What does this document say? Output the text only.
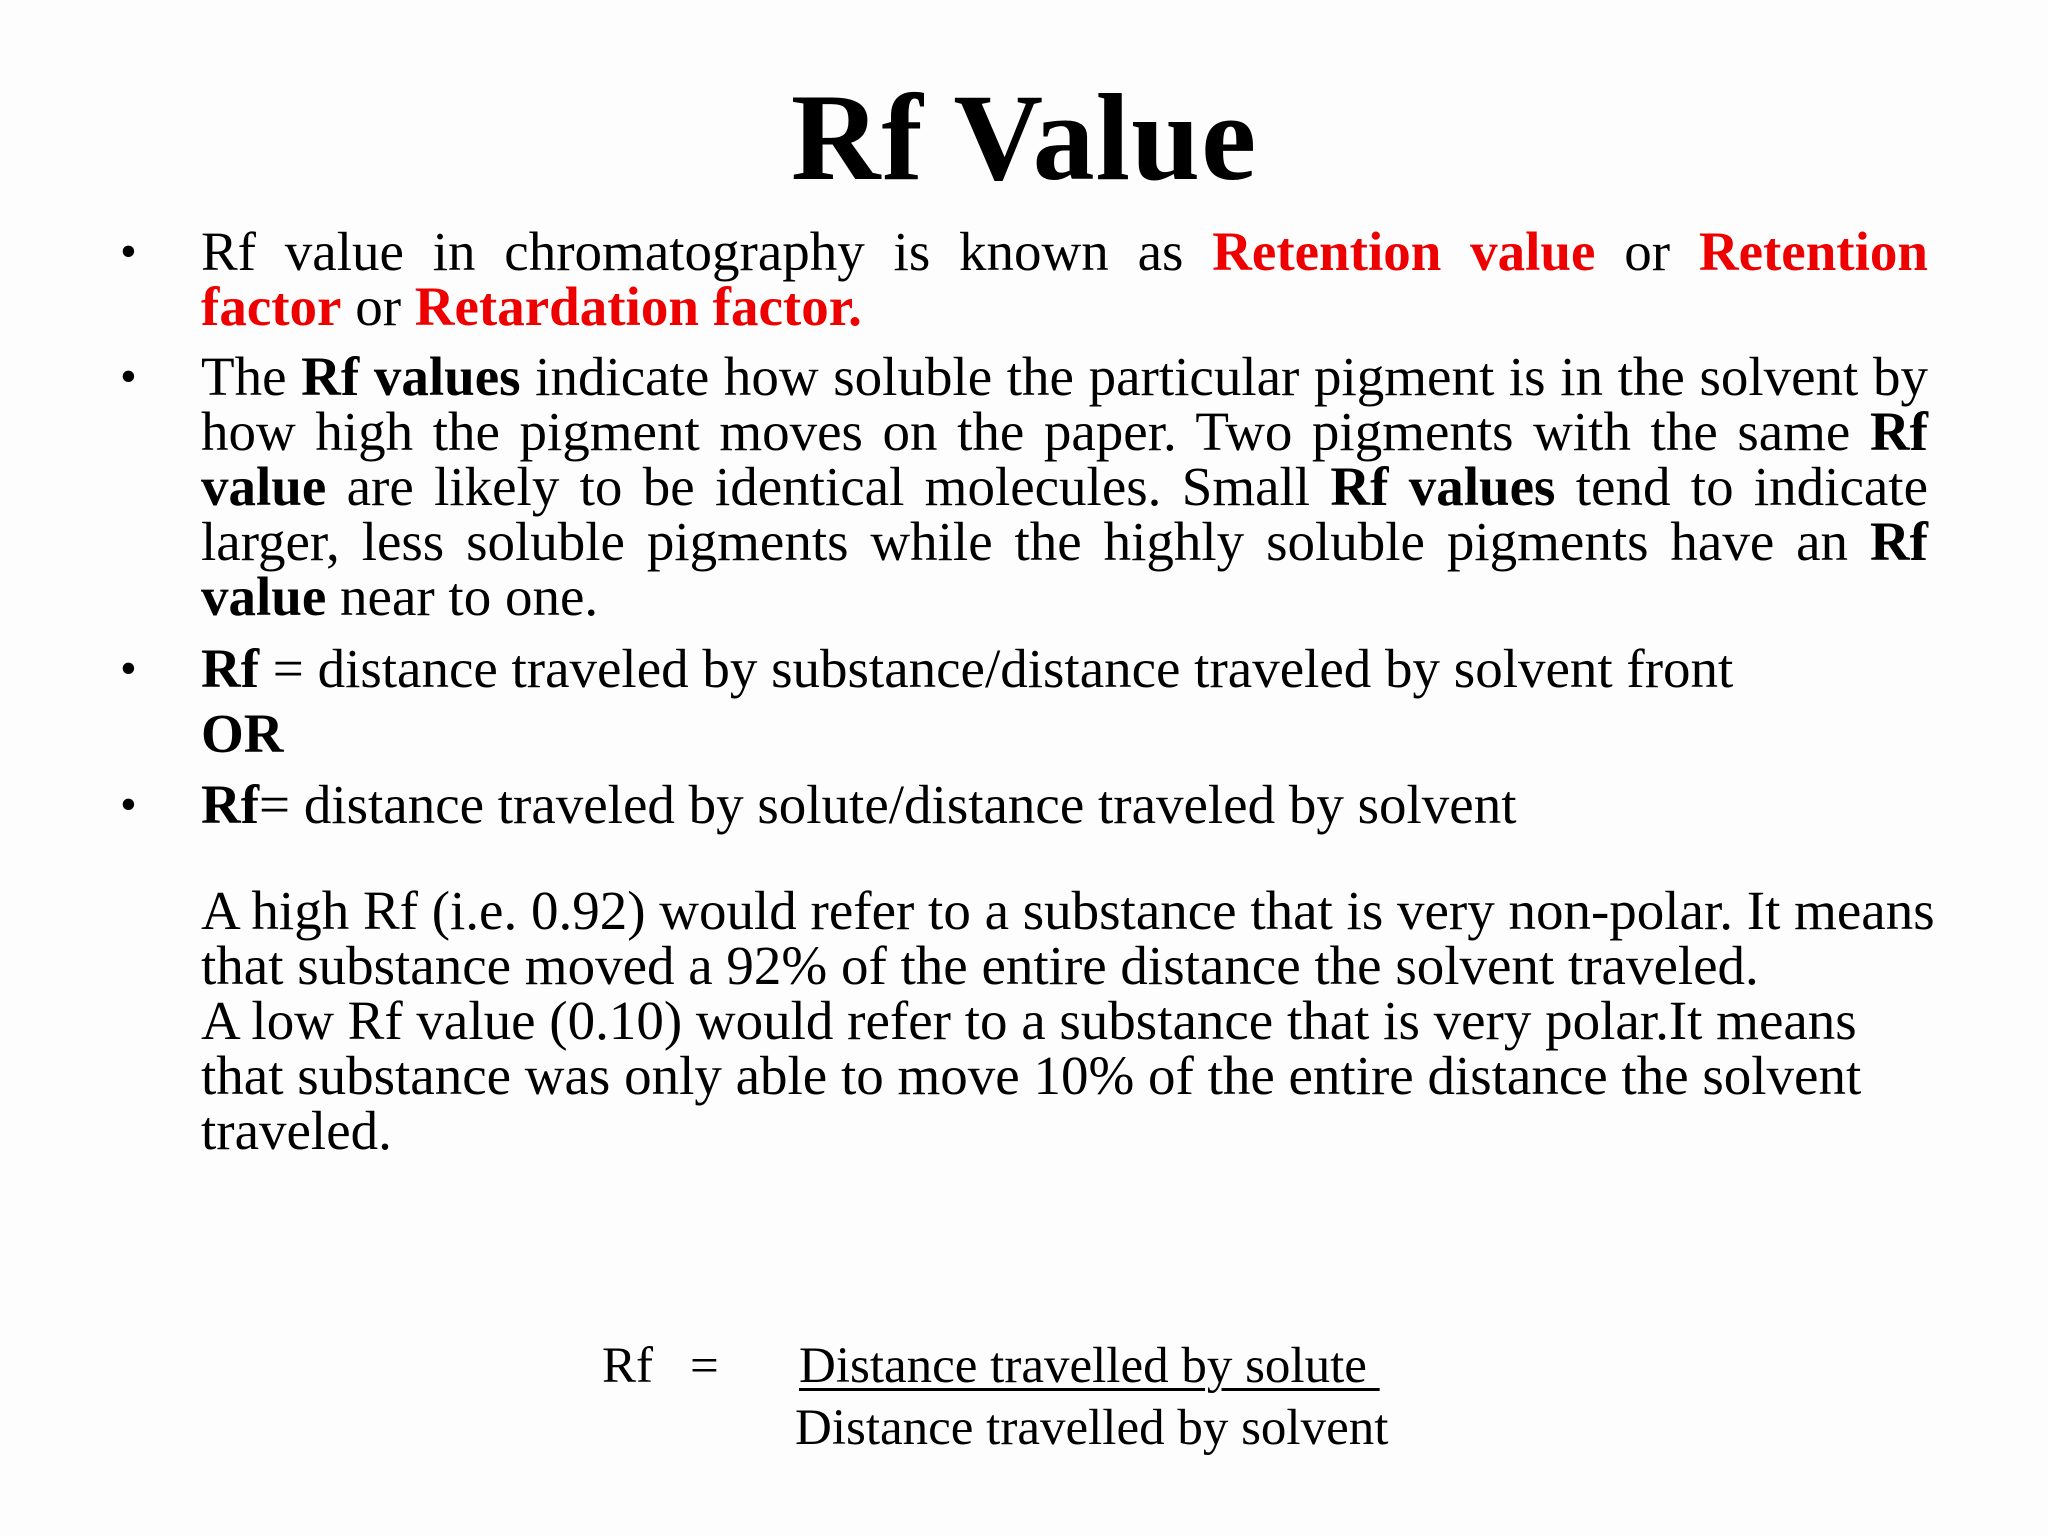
Rf Value
• Rf value in chromatography is known as Retention value or Retention factor or Retardation factor.
• The Rf values indicate how soluble the particular pigment is in the solvent by how high the pigment moves on the paper. Two pigments with the same Rf value are likely to be identical molecules. Small Rf values tend to indicate larger, less soluble pigments while the highly soluble pigments have an Rf value near to one.
• Rf = distance traveled by substance/distance traveled by solvent front
OR
• Rf= distance traveled by solute/distance traveled by solvent

A high Rf (i.e. 0.92) would refer to a substance that is very non-polar. It means that substance moved a 92% of the entire distance the solvent traveled.

A low Rf value (0.10) would refer to a substance that is very polar.It means that substance was only able to move 10% of the entire distance the solvent traveled.

Rf = Distance travelled by solute
Distance travelled by solvent
